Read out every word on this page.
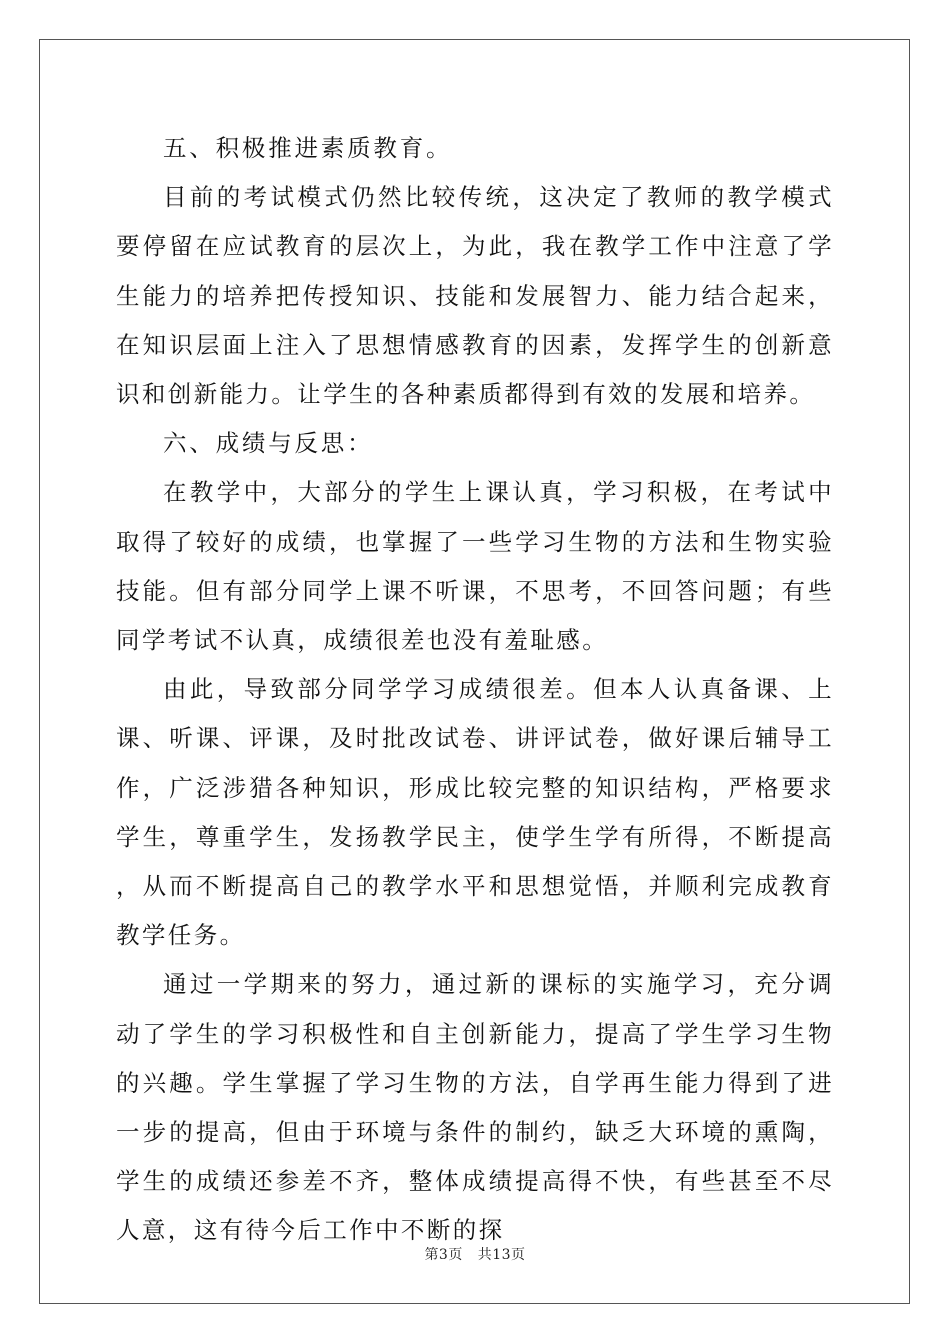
五、积极推进素质教育。

目前的考试模式仍然比较传统，这决定了教师的教学模式要停留在应试教育的层次上，为此，我在教学工作中注意了学生能力的培养把传授知识、技能和发展智力、能力结合起来，在知识层面上注入了思想情感教育的因素，发挥学生的创新意识和创新能力。让学生的各种素质都得到有效的发展和培养。

六、成绩与反思：

在教学中，大部分的学生上课认真，学习积极，在考试中取得了较好的成绩，也掌握了一些学习生物的方法和生物实验技能。但有部分同学上课不听课，不思考，不回答问题；有些同学考试不认真，成绩很差也没有羞耻感。

由此，导致部分同学学习成绩很差。但本人认真备课、上课、听课、评课，及时批改试卷、讲评试卷，做好课后辅导工作，广泛涉猎各种知识，形成比较完整的知识结构，严格要求学生，尊重学生，发扬教学民主，使学生学有所得，不断提高，从而不断提高自己的教学水平和思想觉悟，并顺利完成教育教学任务。

通过一学期来的努力，通过新的课标的实施学习，充分调动了学生的学习积极性和自主创新能力，提高了学生学习生物的兴趣。学生掌握了学习生物的方法，自学再生能力得到了进一步的提高，但由于环境与条件的制约，缺乏大环境的熏陶，学生的成绩还参差不齐，整体成绩提高得不快，有些甚至不尽人意，这有待今后工作中不断的探

第3页 共13页
